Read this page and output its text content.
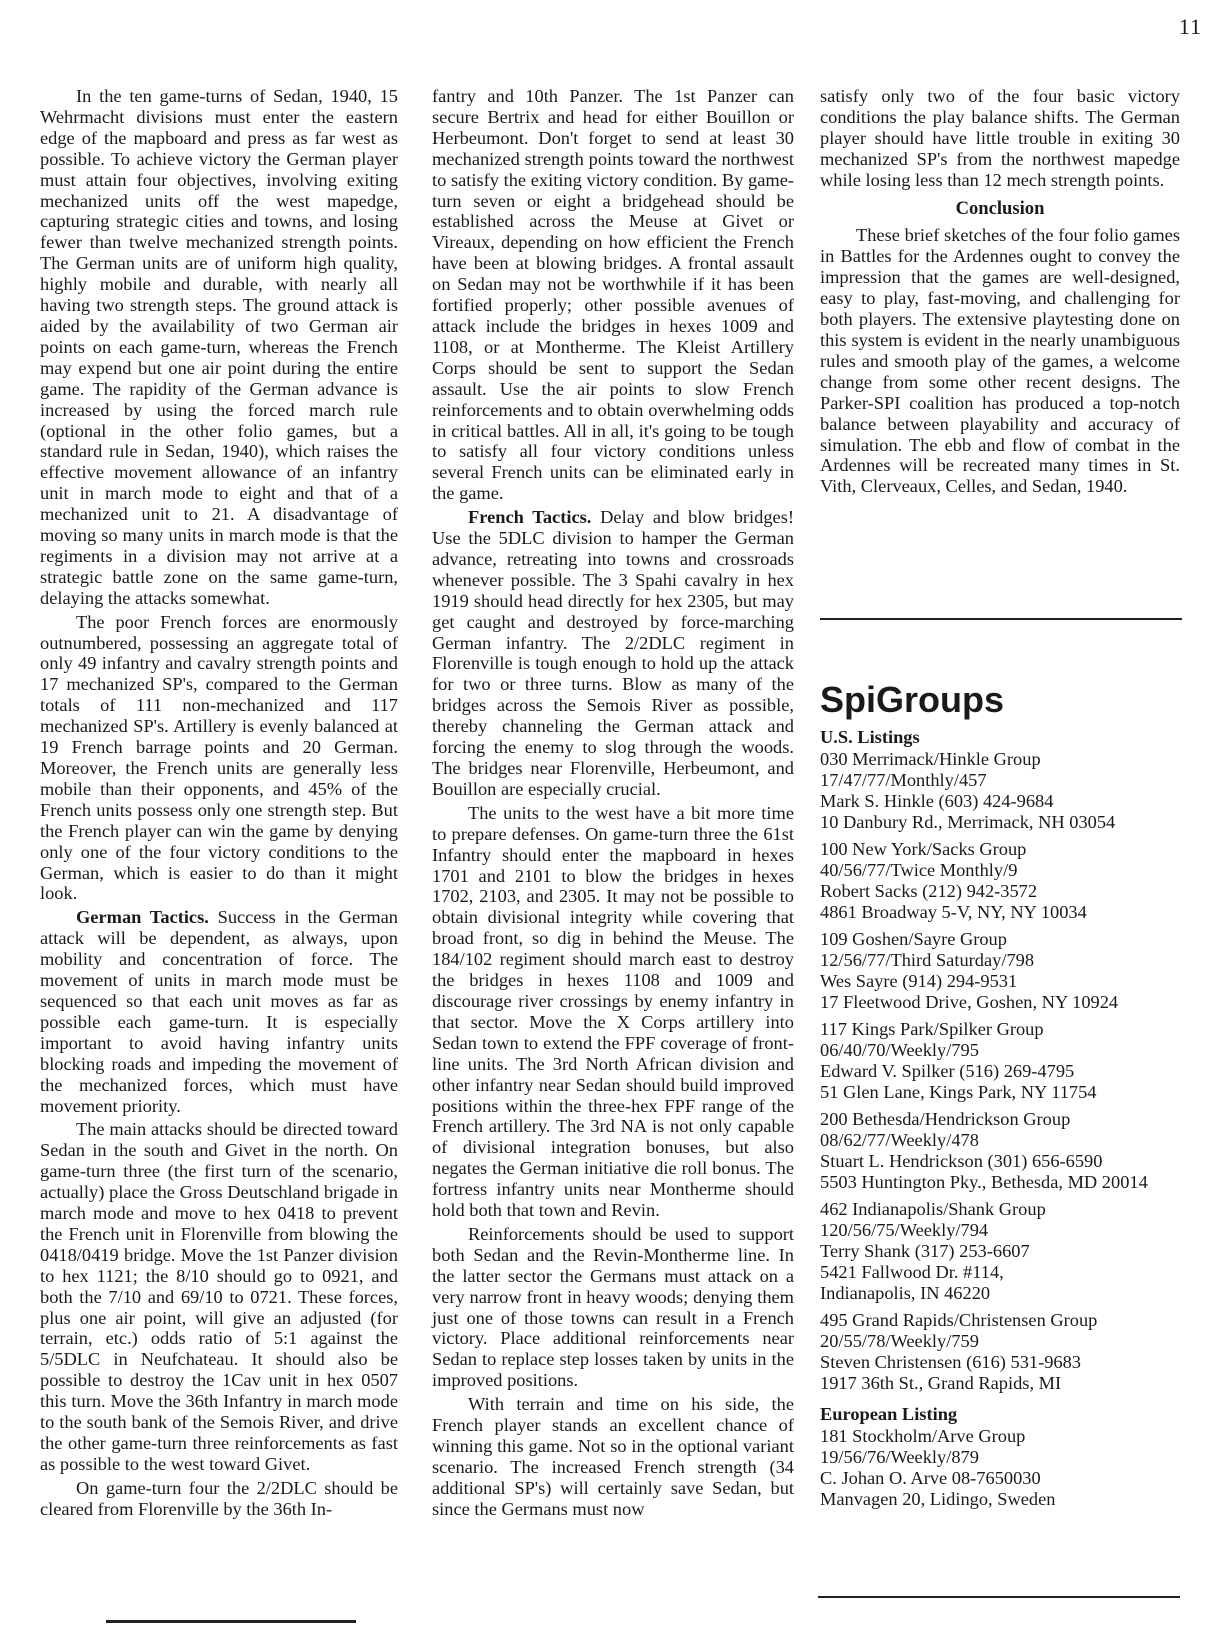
11

In the ten game-turns of Sedan, 1940, 15 Wehrmacht divisions must enter the eastern edge of the mapboard and press as far west as possible. To achieve victory the German player must attain four objectives, involving exiting mechanized units off the west mapedge, capturing strategic cities and towns, and losing fewer than twelve mechanized strength points. The German units are of uniform high quality, highly mobile and durable, with nearly all having two strength steps. The ground attack is aided by the availability of two German air points on each game-turn, whereas the French may expend but one air point during the entire game. The rapidity of the German advance is increased by using the forced march rule (optional in the other folio games, but a standard rule in Sedan, 1940), which raises the effective movement allowance of an infantry unit in march mode to eight and that of a mechanized unit to 21. A disadvantage of moving so many units in march mode is that the regiments in a division may not arrive at a strategic battle zone on the same game-turn, delaying the attacks somewhat.

The poor French forces are enormously outnumbered, possessing an aggregate total of only 49 infantry and cavalry strength points and 17 mechanized SP's, compared to the German totals of 111 non-mechanized and 117 mechanized SP's. Artillery is evenly balanced at 19 French barrage points and 20 German. Moreover, the French units are generally less mobile than their opponents, and 45% of the French units possess only one strength step. But the French player can win the game by denying only one of the four victory conditions to the German, which is easier to do than it might look.

German Tactics. Success in the German attack will be dependent, as always, upon mobility and concentration of force. The movement of units in march mode must be sequenced so that each unit moves as far as possible each game-turn. It is especially important to avoid having infantry units blocking roads and impeding the movement of the mechanized forces, which must have movement priority.

The main attacks should be directed toward Sedan in the south and Givet in the north. On game-turn three (the first turn of the scenario, actually) place the Gross Deutschland brigade in march mode and move to hex 0418 to prevent the French unit in Florenville from blowing the 0418/0419 bridge. Move the 1st Panzer division to hex 1121; the 8/10 should go to 0921, and both the 7/10 and 69/10 to 0721. These forces, plus one air point, will give an adjusted (for terrain, etc.) odds ratio of 5:1 against the 5/5DLC in Neufchateau. It should also be possible to destroy the 1Cav unit in hex 0507 this turn. Move the 36th Infantry in march mode to the south bank of the Semois River, and drive the other game-turn three reinforcements as fast as possible to the west toward Givet.

On game-turn four the 2/2DLC should be cleared from Florenville by the 36th In-

fantry and 10th Panzer. The 1st Panzer can secure Bertrix and head for either Bouillon or Herbeumont. Don't forget to send at least 30 mechanized strength points toward the northwest to satisfy the exiting victory condition. By game-turn seven or eight a bridgehead should be established across the Meuse at Givet or Vireaux, depending on how efficient the French have been at blowing bridges. A frontal assault on Sedan may not be worthwhile if it has been fortified properly; other possible avenues of attack include the bridges in hexes 1009 and 1108, or at Montherme. The Kleist Artillery Corps should be sent to support the Sedan assault. Use the air points to slow French reinforcements and to obtain overwhelming odds in critical battles. All in all, it's going to be tough to satisfy all four victory conditions unless several French units can be eliminated early in the game.

French Tactics. Delay and blow bridges! Use the 5DLC division to hamper the German advance, retreating into towns and crossroads whenever possible. The 3 Spahi cavalry in hex 1919 should head directly for hex 2305, but may get caught and destroyed by force-marching German infantry. The 2/2DLC regiment in Florenville is tough enough to hold up the attack for two or three turns. Blow as many of the bridges across the Semois River as possible, thereby channeling the German attack and forcing the enemy to slog through the woods. The bridges near Florenville, Herbeumont, and Bouillon are especially crucial.

The units to the west have a bit more time to prepare defenses. On game-turn three the 61st Infantry should enter the mapboard in hexes 1701 and 2101 to blow the bridges in hexes 1702, 2103, and 2305. It may not be possible to obtain divisional integrity while covering that broad front, so dig in behind the Meuse. The 184/102 regiment should march east to destroy the bridges in hexes 1108 and 1009 and discourage river crossings by enemy infantry in that sector. Move the X Corps artillery into Sedan town to extend the FPF coverage of front-line units. The 3rd North African division and other infantry near Sedan should build improved positions within the three-hex FPF range of the French artillery. The 3rd NA is not only capable of divisional integration bonuses, but also negates the German initiative die roll bonus. The fortress infantry units near Montherme should hold both that town and Revin.

Reinforcements should be used to support both Sedan and the Revin-Montherme line. In the latter sector the Germans must attack on a very narrow front in heavy woods; denying them just one of those towns can result in a French victory. Place additional reinforcements near Sedan to replace step losses taken by units in the improved positions.

With terrain and time on his side, the French player stands an excellent chance of winning this game. Not so in the optional variant scenario. The increased French strength (34 additional SP's) will certainly save Sedan, but since the Germans must now

satisfy only two of the four basic victory conditions the play balance shifts. The German player should have little trouble in exiting 30 mechanized SP's from the northwest mapedge while losing less than 12 mech strength points.

Conclusion

These brief sketches of the four folio games in Battles for the Ardennes ought to convey the impression that the games are well-designed, easy to play, fast-moving, and challenging for both players. The extensive playtesting done on this system is evident in the nearly unambiguous rules and smooth play of the games, a welcome change from some other recent designs. The Parker-SPI coalition has produced a top-notch balance between playability and accuracy of simulation. The ebb and flow of combat in the Ardennes will be recreated many times in St. Vith, Clerveaux, Celles, and Sedan, 1940.

SpiGroups
U.S. Listings
030 Merrimack/Hinkle Group
17/47/77/Monthly/457
Mark S. Hinkle (603) 424-9684
10 Danbury Rd., Merrimack, NH 03054
100 New York/Sacks Group
40/56/77/Twice Monthly/9
Robert Sacks (212) 942-3572
4861 Broadway 5-V, NY, NY 10034
109 Goshen/Sayre Group
12/56/77/Third Saturday/798
Wes Sayre (914) 294-9531
17 Fleetwood Drive, Goshen, NY 10924
117 Kings Park/Spilker Group
06/40/70/Weekly/795
Edward V. Spilker (516) 269-4795
51 Glen Lane, Kings Park, NY 11754
200 Bethesda/Hendrickson Group
08/62/77/Weekly/478
Stuart L. Hendrickson (301) 656-6590
5503 Huntington Pky., Bethesda, MD 20014
462 Indianapolis/Shank Group
120/56/75/Weekly/794
Terry Shank (317) 253-6607
5421 Fallwood Dr. #114,
Indianapolis, IN 46220
495 Grand Rapids/Christensen Group
20/55/78/Weekly/759
Steven Christensen (616) 531-9683
1917 36th St., Grand Rapids, MI
European Listing
181 Stockholm/Arve Group
19/56/76/Weekly/879
C. Johan O. Arve 08-7650030
Manvagen 20, Lidingo, Sweden
